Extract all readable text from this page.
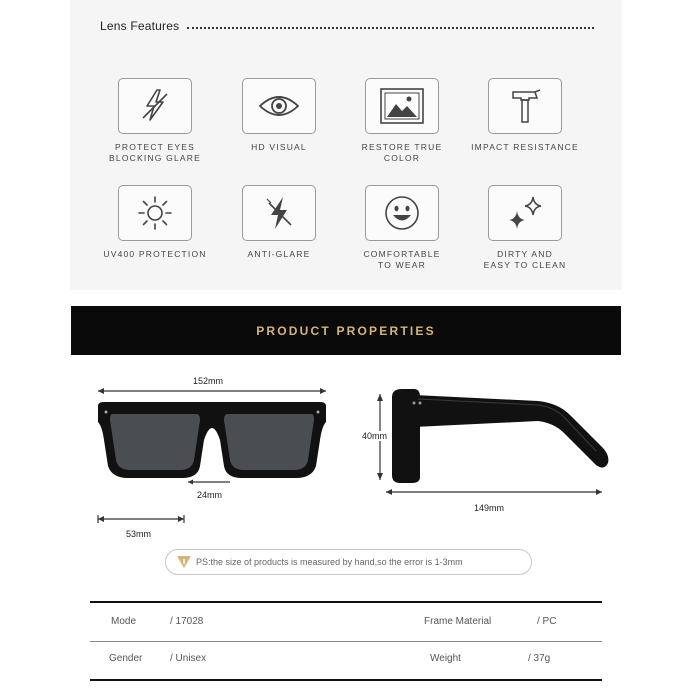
Lens Features
PROTECT EYES
BLOCKING GLARE
HD VISUAL	RESTORE TRUE COLOR
IMPACT RESISTANCE
UV400 PROTECTION	ANTI-GLARE	COMFORTABLE
TO WEAR
DIRTY AND
EASY TO CLEAN
PRODUCT PROPERTIES
152mm
24mm
53mm
40mm
149mm
PS:the size of products is measured by hand,so the error is 1-3mm
Mode	/ 17028	Frame Material	/ PC
Gender	/ Unisex	Weight	/ 37g
